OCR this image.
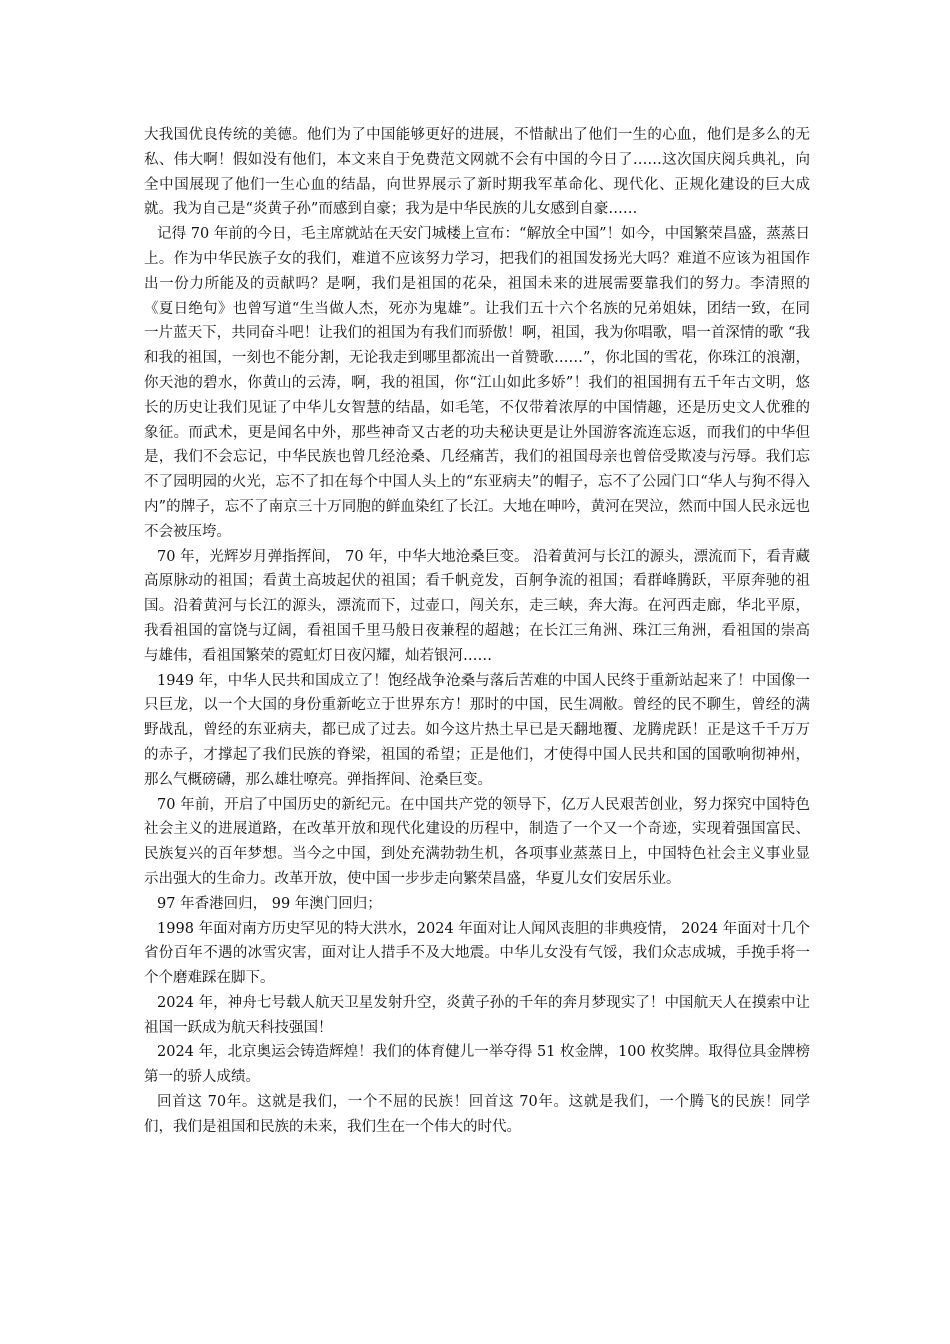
大我国优良传统的美德。他们为了中国能够更好的进展，不惜献出了他们一生的心血，他们是多么的无私、伟大啊！假如没有他们，本文来自于免费范文网就不会有中国的今日了……这次国庆阅兵典礼，向全中国展现了他们一生心血的结晶，向世界展示了新时期我军革命化、现代化、正规化建设的巨大成就。我为自己是“炎黄子孙”而感到自豪；我为是中华民族的儿女感到自豪……

记得 70 年前的今日，毛主席就站在天安门城楼上宣布：“解放全中国”！如今，中国繁荣昌盛，蒸蒸日上。作为中华民族子女的我们，难道不应该努力学习，把我们的祖国发扬光大吗？难道不应该为祖国作出一份力所能及的贡献吗？是啊，我们是祖国的花朵，祖国未来的进展需要靠我们的努力。李清照的《夏日绝句》也曾写道“生当做人杰，死亦为鬼雄”。让我们五十六个名族的兄弟姐妹，团结一致，在同一片蓝天下，共同奋斗吧！让我们的祖国为有我们而骄傲！啊，祖国，我为你唱歌，唱一首深情的歌 “我和我的祖国，一刻也不能分割，无论我走到哪里都流出一首赞歌……”，你北国的雪花，你珠江的浪潮，你天池的碧水，你黄山的云涛，啊，我的祖国，你“江山如此多娇”！我们的祖国拥有五千年古文明，悠长的历史让我们见证了中华儿女智慧的结晶，如毛笔，不仅带着浓厚的中国情趣，还是历史文人优雅的象征。而武术，更是闻名中外，那些神奇又古老的功夫秘诀更是让外国游客流连忘返，而我们的中华但是，我们不会忘记，中华民族也曾几经沧桑、几经痛苦，我们的祖国母亲也曾倍受欺凌与污辱。我们忘不了园明园的火光，忘不了扣在每个中国人头上的“东亚病夫”的帽子，忘不了公园门口“华人与狗不得入内”的牌子，忘不了南京三十万同胞的鲜血染红了长江。大地在呻吟，黄河在哭泣，然而中国人民永远也不会被压垮。

70 年，光辉岁月弹指挥间， 70 年，中华大地沧桑巨变。 沿着黄河与长江的源头，漂流而下，看青藏高原脉动的祖国；看黄土高坡起伏的祖国；看千帆竞发，百舸争流的祖国；看群峰腾跃，平原奔驰的祖国。沿着黄河与长江的源头，漂流而下，过壶口，闯关东，走三峡，奔大海。在河西走廊，华北平原，我看祖国的富饶与辽阔，看祖国千里马般日夜兼程的超越；在长江三角洲、珠江三角洲，看祖国的崇高与雄伟，看祖国繁荣的霓虹灯日夜闪耀，灿若银河……

1949 年，中华人民共和国成立了！饱经战争沧桑与落后苦难的中国人民终于重新站起来了！中国像一只巨龙，以一个大国的身份重新屹立于世界东方！那时的中国，民生凋敝。曾经的民不聊生，曾经的满野战乱，曾经的东亚病夫，都已成了过去。如今这片热土早已是天翻地覆、龙腾虎跃！正是这千千万万的赤子，才撑起了我们民族的脊梁，祖国的希望；正是他们，才使得中国人民共和国的国歌响彻神州，那么气概磅礴，那么雄壮嘹亮。弹指挥间、沧桑巨变。

70 年前，开启了中国历史的新纪元。在中国共产党的领导下，亿万人民艰苦创业，努力探究中国特色社会主义的进展道路，在改革开放和现代化建设的历程中，制造了一个又一个奇迹，实现着强国富民、民族复兴的百年梦想。当今之中国，到处充满勃勃生机，各项事业蒸蒸日上，中国特色社会主义事业显示出强大的生命力。改革开放，使中国一步步走向繁荣昌盛，华夏儿女们安居乐业。

97 年香港回归， 99 年澳门回归；

1998 年面对南方历史罕见的特大洪水，2024 年面对让人闻风丧胆的非典疫情， 2024 年面对十几个省份百年不遇的冰雪灾害，面对让人措手不及大地震。中华儿女没有气馁，我们众志成城，手挽手将一个个磨难踩在脚下。

2024 年，神舟七号载人航天卫星发射升空，炎黄子孙的千年的奔月梦现实了！中国航天人在摸索中让祖国一跃成为航天科技强国！

2024 年，北京奥运会铸造辉煌！我们的体育健儿一举夺得 51 枚金牌，100 枚奖牌。取得位具金牌榜第一的骄人成绩。

回首这 70年。这就是我们，一个不屈的民族！回首这 70年。这就是我们，一个腾飞的民族！同学们，我们是祖国和民族的未来，我们生在一个伟大的时代。
